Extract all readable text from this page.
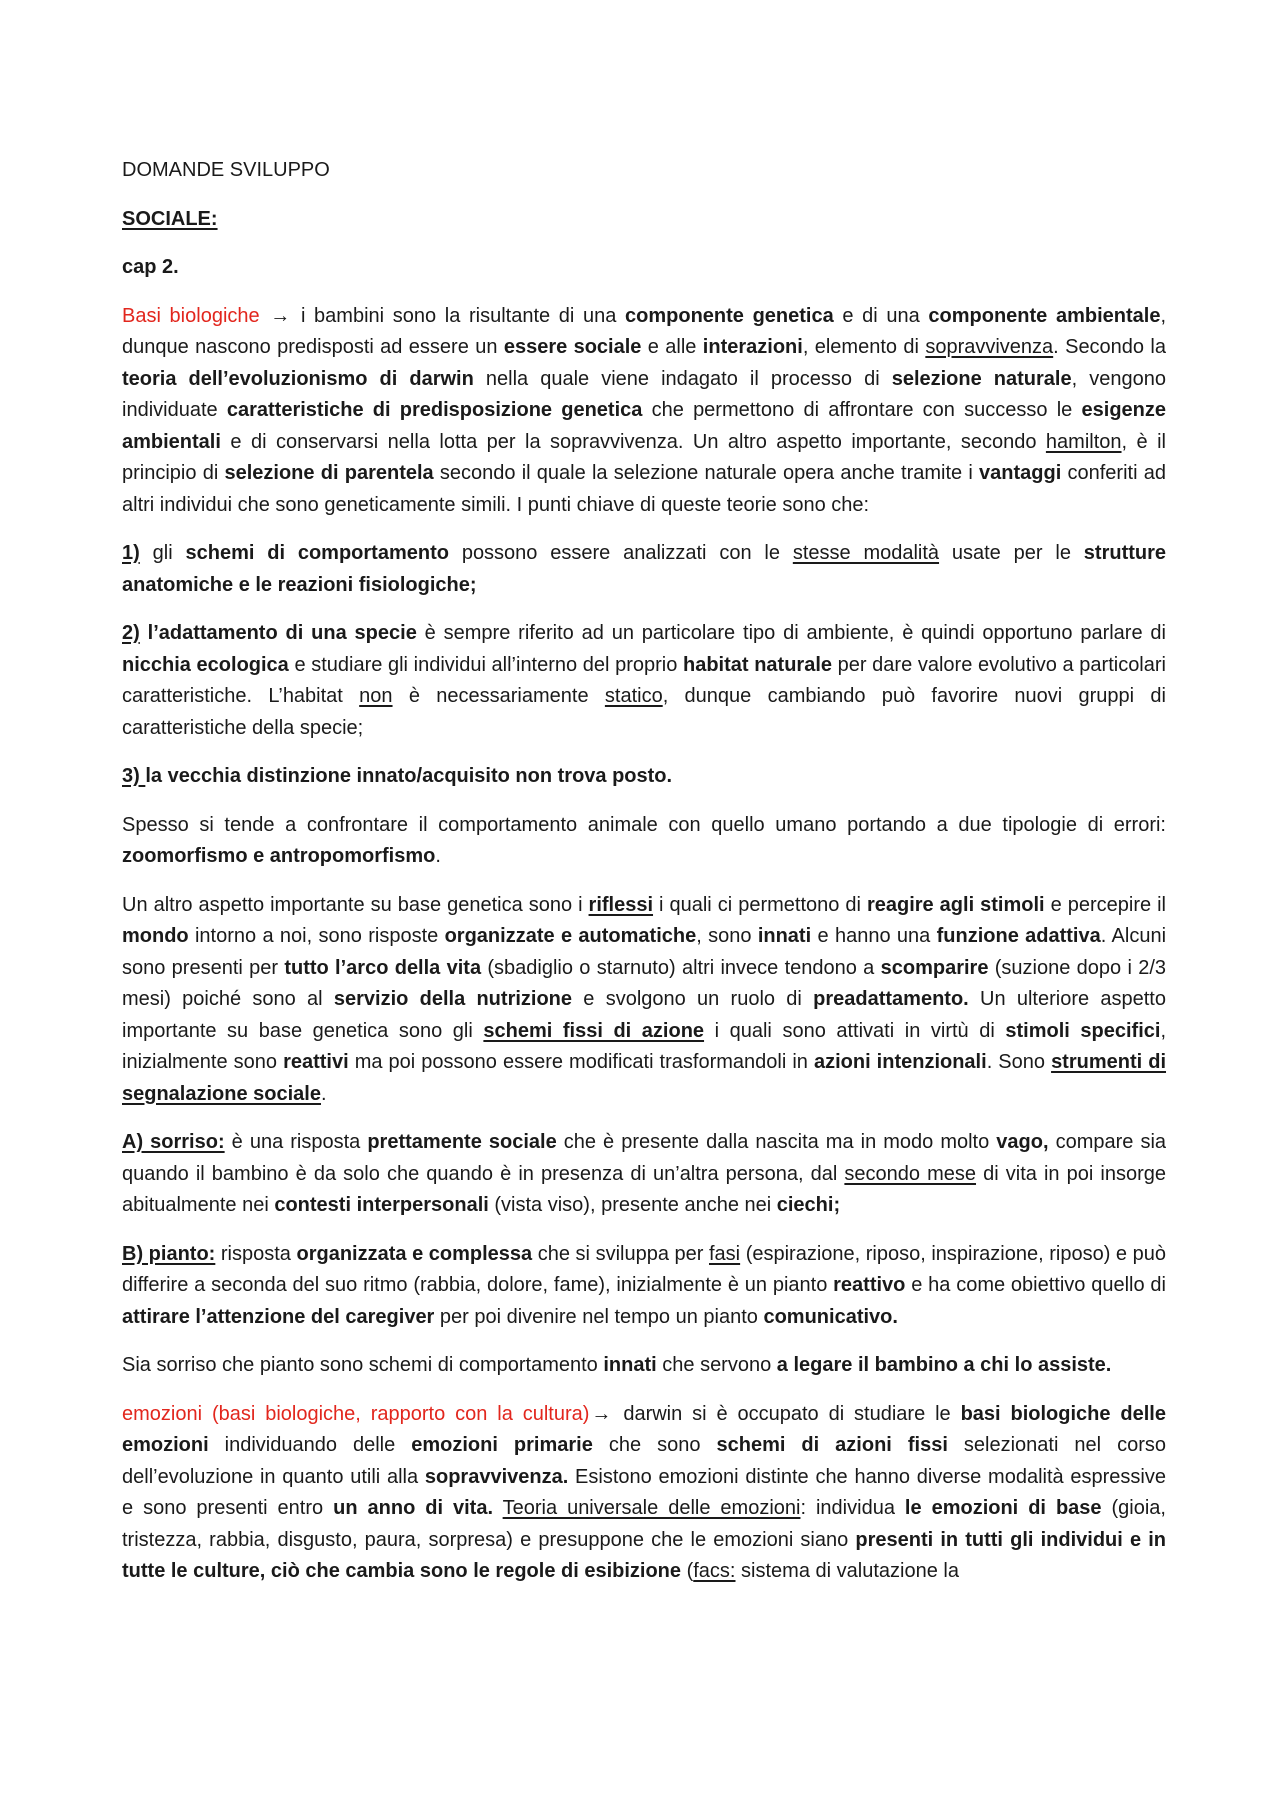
DOMANDE SVILUPPO

SOCIALE:

cap 2.

Basi biologiche → i bambini sono la risultante di una componente genetica e di una componente ambientale, dunque nascono predisposti ad essere un essere sociale e alle interazioni, elemento di sopravvivenza. Secondo la teoria dell’evoluzionismo di darwin nella quale viene indagato il processo di selezione naturale, vengono individuate caratteristiche di predisposizione genetica che permettono di affrontare con successo le esigenze ambientali e di conservarsi nella lotta per la sopravvivenza. Un altro aspetto importante, secondo hamilton, è il principio di selezione di parentela secondo il quale la selezione naturale opera anche tramite i vantaggi conferiti ad altri individui che sono geneticamente simili. I punti chiave di queste teorie sono che:

1) gli schemi di comportamento possono essere analizzati con le stesse modalità usate per le strutture anatomiche e le reazioni fisiologiche;

2) l’adattamento di una specie è sempre riferito ad un particolare tipo di ambiente, è quindi opportuno parlare di nicchia ecologica e studiare gli individui all’interno del proprio habitat naturale per dare valore evolutivo a particolari caratteristiche. L’habitat non è necessariamente statico, dunque cambiando può favorire nuovi gruppi di caratteristiche della specie;

3) la vecchia distinzione innato/acquisito non trova posto.

Spesso si tende a confrontare il comportamento animale con quello umano portando a due tipologie di errori: zoomorfismo e antropomorfismo.

Un altro aspetto importante su base genetica sono i riflessi i quali ci permettono di reagire agli stimoli e percepire il mondo intorno a noi, sono risposte organizzate e automatiche, sono innati e hanno una funzione adattiva. Alcuni sono presenti per tutto l’arco della vita (sbadiglio o starnuto) altri invece tendono a scomparire (suzione dopo i 2/3 mesi) poiché sono al servizio della nutrizione e svolgono un ruolo di preadattamento. Un ulteriore aspetto importante su base genetica sono gli schemi fissi di azione i quali sono attivati in virtù di stimoli specifici, inizialmente sono reattivi ma poi possono essere modificati trasformandoli in azioni intenzionali. Sono strumenti di segnalazione sociale.

A) sorriso: è una risposta prettamente sociale che è presente dalla nascita ma in modo molto vago, compare sia quando il bambino è da solo che quando è in presenza di un’altra persona, dal secondo mese di vita in poi insorge abitualmente nei contesti interpersonali (vista viso), presente anche nei ciechi;

B) pianto: risposta organizzata e complessa che si sviluppa per fasi (espirazione, riposo, inspirazione, riposo) e può differire a seconda del suo ritmo (rabbia, dolore, fame), inizialmente è un pianto reattivo e ha come obiettivo quello di attirare l’attenzione del caregiver per poi divenire nel tempo un pianto comunicativo.

Sia sorriso che pianto sono schemi di comportamento innati che servono a legare il bambino a chi lo assiste.

emozioni (basi biologiche, rapporto con la cultura) → darwin si è occupato di studiare le basi biologiche delle emozioni individuando delle emozioni primarie che sono schemi di azioni fissi selezionati nel corso dell’evoluzione in quanto utili alla sopravvivenza. Esistono emozioni distinte che hanno diverse modalità espressive e sono presenti entro un anno di vita. Teoria universale delle emozioni: individua le emozioni di base (gioia, tristezza, rabbia, disgusto, paura, sorpresa) e presuppone che le emozioni siano presenti in tutti gli individui e in tutte le culture, ciò che cambia sono le regole di esibizione (facs: sistema di valutazione la
